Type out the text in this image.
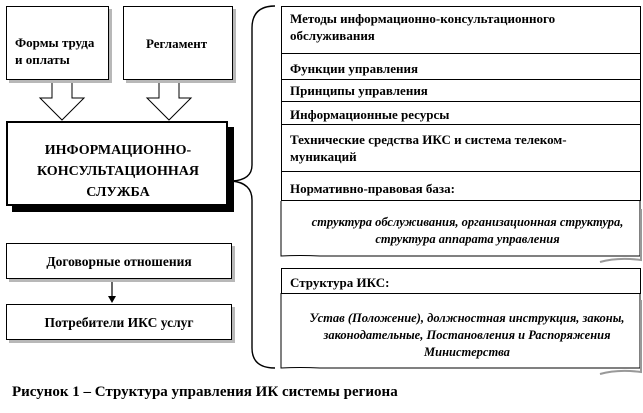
Формы труда и оплаты
Регламент
ИНФОРМАЦИОННО-КОНСУЛЬТАЦИОННАЯ СЛУЖБА
Договорные отношения
Потребители ИКС услуг
Методы информационно-консультационного обслуживания
Функции управления
Принципы управления
Информационные ресурсы
Технические средства ИКС и система телеком-муникаций
Нормативно-правовая база:
структура обслуживания, организационная структура, структура аппарата управления
Структура ИКС:
Устав (Положение), должностная инструкция, законы, законодательные, Постановления и Распоряжения Министерства
Рисунок 1 – Структура управления ИК системы региона
